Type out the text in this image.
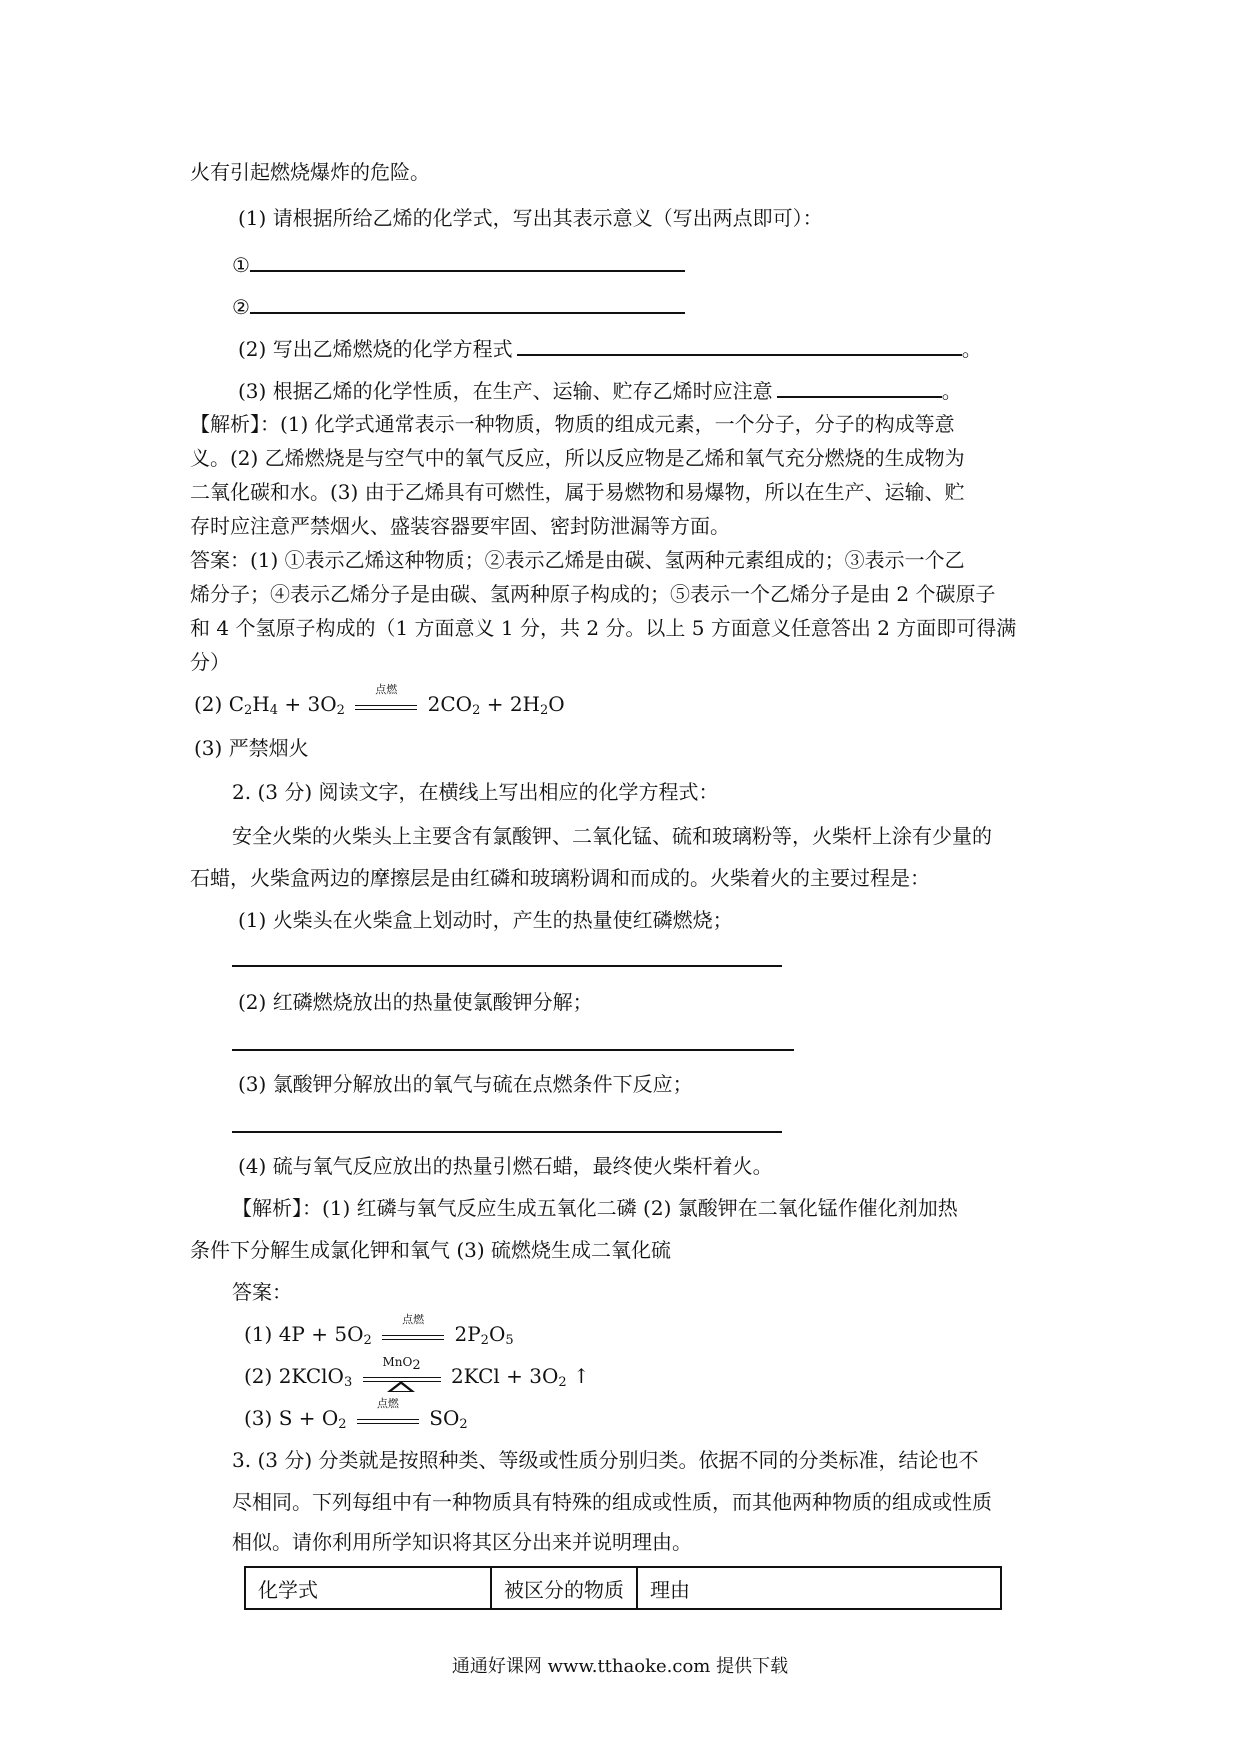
火有引起燃烧爆炸的危险。
(1) 请根据所给乙烯的化学式，写出其表示意义（写出两点即可）：
①
②
(2) 写出乙烯燃烧的化学方程式	。
(3) 根据乙烯的化学性质，在生产、运输、贮存乙烯时应注意	。
【解析】：(1) 化学式通常表示一种物质，物质的组成元素，一个分子，分子的构成等意
义。(2) 乙烯燃烧是与空气中的氧气反应，所以反应物是乙烯和氧气充分燃烧的生成物为
二氧化碳和水。(3) 由于乙烯具有可燃性，属于易燃物和易爆物，所以在生产、运输、贮
存时应注意严禁烟火、盛装容器要牢固、密封防泄漏等方面。
答案：(1) ①表示乙烯这种物质；②表示乙烯是由碳、氢两种元素组成的；③表示一个乙
烯分子；④表示乙烯分子是由碳、氢两种原子构成的；⑤表示一个乙烯分子是由 2 个碳原子
和 4 个氢原子构成的（1 方面意义 1 分，共 2 分。以上 5 方面意义任意答出 2 方面即可得满
分）
(2) $C_2H_4 + 3O_2$
点燃
$2CO_2 + 2H_2O$
(3) 严禁烟火
2. (3 分) 阅读文字，在横线上写出相应的化学方程式：
安全火柴的火柴头上主要含有氯酸钾、二氧化锰、硫和玻璃粉等，火柴杆上涂有少量的
石蜡，火柴盒两边的摩擦层是由红磷和玻璃粉调和而成的。火柴着火的主要过程是：
(1) 火柴头在火柴盒上划动时，产生的热量使红磷燃烧；
(2) 红磷燃烧放出的热量使氯酸钾分解；
(3) 氯酸钾分解放出的氧气与硫在点燃条件下反应；
(4) 硫与氧气反应放出的热量引燃石蜡，最终使火柴杆着火。
【解析】：(1) 红磷与氧气反应生成五氧化二磷 (2) 氯酸钾在二氧化锰作催化剂加热
条件下分解生成氯化钾和氧气 (3) 硫燃烧生成二氧化硫
答案：
(1) $4P + 5O_2$
点燃
$2P_2O_5$
(2) 2KClO$_3$
MnO$_2$	$2KCl + 3O_2$ ↑
(3) $S + O_2$
点燃
$SO_2$
3. (3 分) 分类就是按照种类、等级或性质分别归类。依据不同的分类标准，结论也不
尽相同。下列每组中有一种物质具有特殊的组成或性质，而其他两种物质的组成或性质
相似。请你利用所学知识将其区分出来并说明理由。
化学式	被区分的物质	理由
通通好课网 www.tthaoke.com 提供下载
